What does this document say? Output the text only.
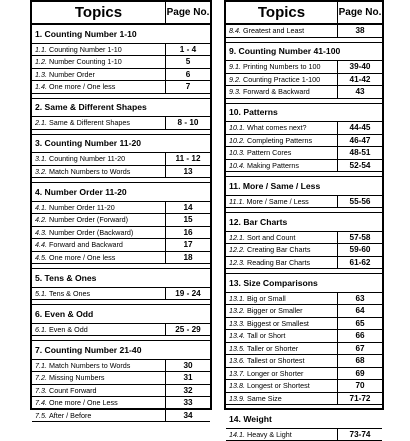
Topics	Page No.
1. Counting Number 1-10
1.1. Counting Number 1-10	1 - 4
1.2. Number Counting 1-10	5
1.3. Number Order	6
1.4. One more / One less	7
2. Same & Different Shapes
2.1. Same & Different Shapes	8 - 10
3. Counting Number 11-20
3.1. Counting Number 11-20	11 - 12
3.2. Match Numbers to Words	13
4. Number Order 11-20
4.1. Number Order 11-20	14
4.2. Number Order (Forward)	15
4.3. Number Order (Backward)	16
4.4. Forward and Backward	17
4.5. One more / One less	18
5. Tens & Ones
5.1. Tens & Ones	19 - 24
6. Even & Odd
6.1. Even & Odd	25 - 29
7. Counting Number 21-40
7.1. Match Numbers to Words	30
7.2. Missing Numbers	31
7.3. Count Forward	32
7.4. One more / One Less	33
7.5. After / Before	34
Topics	Page No.
8.4. Greatest and Least	38
9. Counting Number 41-100
9.1. Printing Numbers to 100	39-40
9.2. Counting Practice 1-100	41-42
9.3. Forward & Backward	43
10. Patterns
10.1. What comes next?	44-45
10.2. Completing Patterns	46-47
10.3. Pattern Cores	48-51
10.4. Making Patterns	52-54
11. More / Same / Less
11.1. More / Same / Less	55-56
12. Bar Charts
12.1. Sort and Count	57-58
12.2. Creating Bar Charts	59-60
12.3. Reading Bar Charts	61-62
13. Size Comparisons
13.1. Big or Small	63
13.2. Bigger or Smaller	64
13.3. Biggest or Smallest	65
13.4. Tall or Short	66
13.5. Taller or Shorter	67
13.6. Tallest or Shortest	68
13.7. Longer or Shorter	69
13.8. Longest or Shortest	70
13.9. Same Size	71-72
14. Weight
14.1. Heavy & Light	73-74
